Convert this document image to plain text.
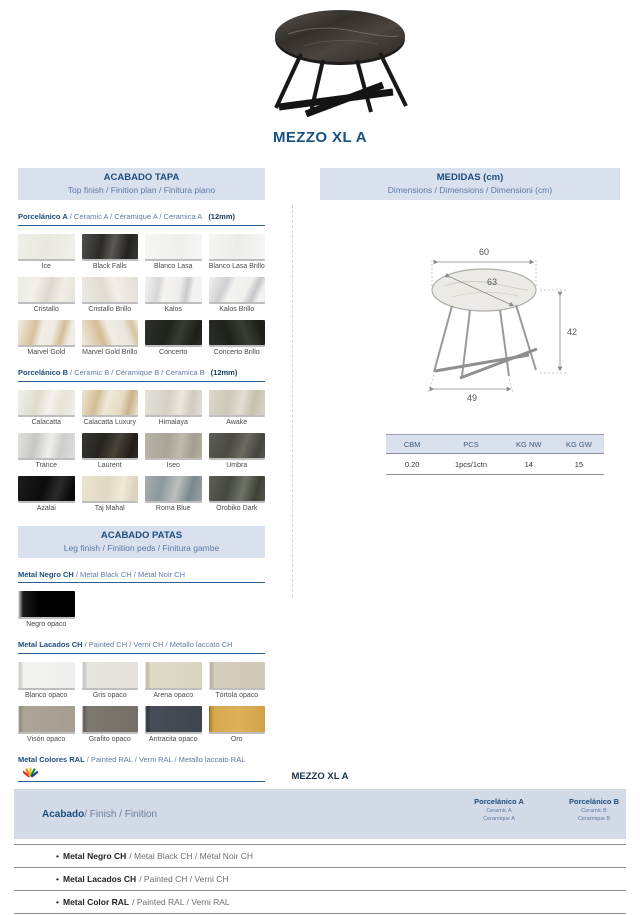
MEZZO XL A
ACABADO TAPA
Top finish / Finition plan / Finitura piano
Porcelánico A / Ceramic A / Céramique A / Ceramica A (12mm)
Ice	Black Falls	Blanco Lasa	Blanco Lasa Brillo
Cristallo	Cristallo Brillo	Kalos	Kalos Brillo
Marvel Gold	Marvel Gold Brillo	Concerto	Concerto Brillo
Porcelánico B / Ceramic B / Céramique B / Ceramica B (12mm)
Calacatta	Calacatta Luxury	Himalaya	Awake
Trance	Laurent	Iseo	Umbra
Azalai	Taj Mahal	Roma Blue	Orobiko Dark
ACABADO PATAS
Leg finish / Finition peds / Finitura gambe
Metal Negro CH / Metal Black CH / Métal Noir CH
Negro opaco
Metal Lacados CH / Painted CH / Verni CH / Metallo laccato CH
Blanco opaco	Gris opaco	Arena opaco	Tórtola opaco
Visón opaco	Grafito opaco	Antracita opaco	Oro
Metal Colores RAL / Painted RAL / Verni RAL / Metallo laccato RAL
MEDIDAS (cm)
Dimensions / Dimensions / Dimensioni (cm)
60
63
42
49
CBM	PCS	KG NW	KG GW
0.20	1pcs/1ctn	14	15
MEZZO XL A
Acabado / Finish / Finition
Porcelánico A
Ceramic A
Ceramique A
Porcelánico B
Ceramic B
Ceramique B
• Metal Negro CH / Metal Black CH / Métal Noir CH
• Metal Lacados CH / Painted CH / Verni CH
• Metal Color RAL / Painted RAL / Verni RAL
